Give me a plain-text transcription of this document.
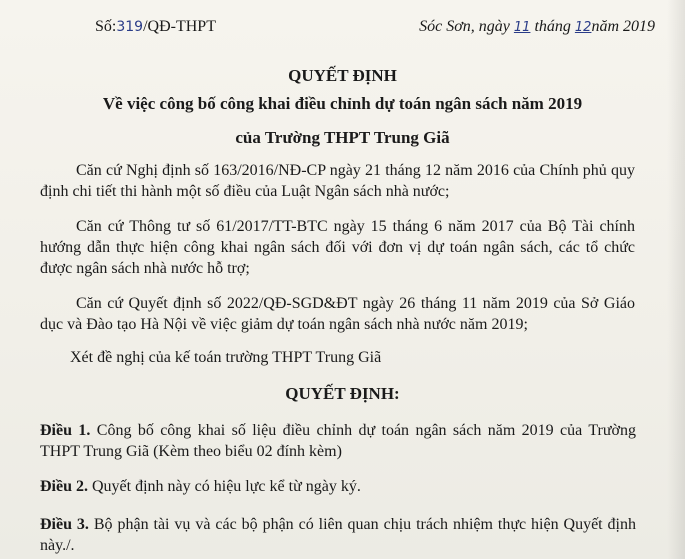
Số:319/QĐ-THPT	Sóc Sơn, ngày 11 tháng 12năm 2019
QUYẾT ĐỊNH
Về việc công bố công khai điều chỉnh dự toán ngân sách năm 2019
của Trường THPT Trung Giã
Căn cứ Nghị định số 163/2016/NĐ-CP ngày 21 tháng 12 năm 2016 của Chính phủ quy định chi tiết thi hành một số điều của Luật Ngân sách nhà nước;
Căn cứ Thông tư số 61/2017/TT-BTC ngày 15 tháng 6 năm 2017 của Bộ Tài chính hướng dẫn thực hiện công khai ngân sách đối với đơn vị dự toán ngân sách, các tổ chức được ngân sách nhà nước hỗ trợ;
Căn cứ Quyết định số 2022/QĐ-SGD&ĐT ngày 26 tháng 11 năm 2019 của Sở Giáo dục và Đào tạo Hà Nội về việc giảm dự toán ngân sách nhà nước năm 2019;
Xét đề nghị của kế toán trường THPT Trung Giã
QUYẾT ĐỊNH:
Điều 1. Công bố công khai số liệu điều chỉnh dự toán ngân sách năm 2019 của Trường THPT Trung Giã (Kèm theo biểu 02 đính kèm)
Điều 2. Quyết định này có hiệu lực kể từ ngày ký.
Điều 3. Bộ phận tài vụ và các bộ phận có liên quan chịu trách nhiệm thực hiện Quyết định này./.
